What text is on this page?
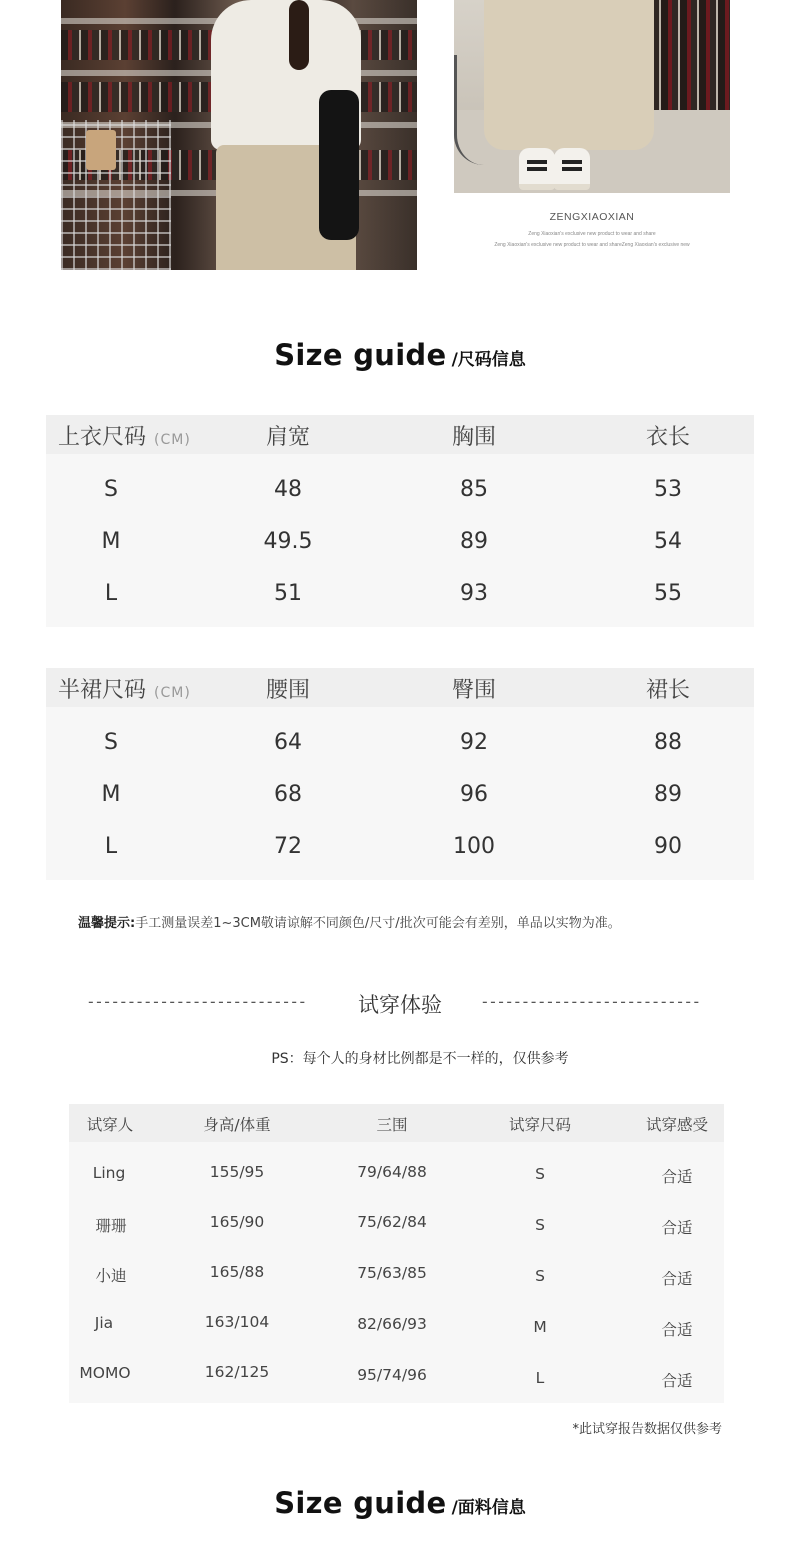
ZENGXIAOXIAN
Zeng Xiaoxian's exclusive new product to wear and share
Zeng Xiaoxian's exclusive new product to wear and shareZeng Xiaoxian's exclusive new
Size guide /尺码信息
上衣尺码 (CM)	肩宽	胸围	衣长
S	48	85	53
M	49.5	89	54
L	51	93	55
半裙尺码 (CM)	腰围	臀围	裙长
S	64	92	88
M	68	96	89
L	72	100	90
温馨提示:手工测量误差1~3CM敬请谅解不同颜色/尺寸/批次可能会有差别，单品以实物为准。
---------------------------	试穿体验	---------------------------
PS：每个人的身材比例都是不一样的，仅供参考
试穿人	身高/体重	三围	试穿尺码	试穿感受
Ling	155/95	79/64/88	S	合适
珊珊	165/90	75/62/84	S	合适
小迪	165/88	75/63/85	S	合适
Jia	163/104	82/66/93	M	合适
MOMO	162/125	95/74/96	L	合适
*此试穿报告数据仅供参考
Size guide /面料信息
